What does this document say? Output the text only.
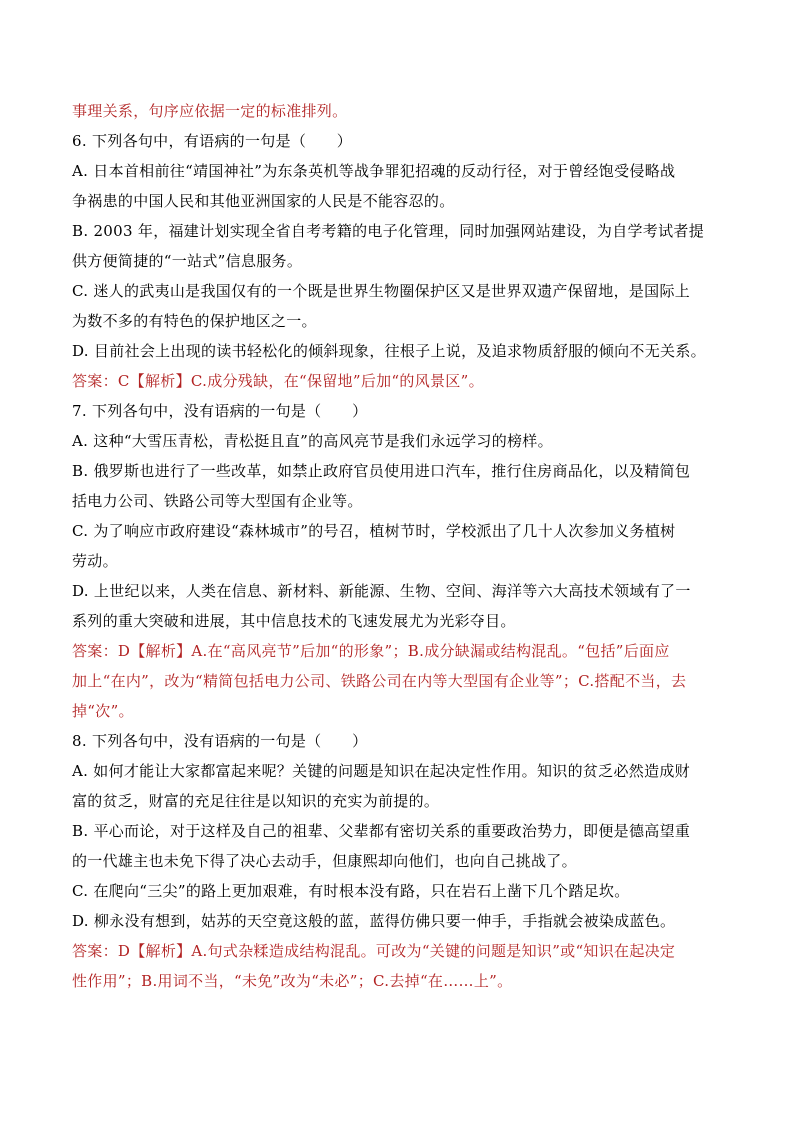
事理关系，句序应依据一定的标准排列。
6. 下列各句中，有语病的一句是（　　）
A. 日本首相前往“靖国神社”为东条英机等战争罪犯招魂的反动行径，对于曾经饱受侵略战
争祸患的中国人民和其他亚洲国家的人民是不能容忍的。
B. 2003 年，福建计划实现全省自考考籍的电子化管理，同时加强网站建设，为自学考试者提
供方便简捷的“一站式”信息服务。
C. 迷人的武夷山是我国仅有的一个既是世界生物圈保护区又是世界双遗产保留地，是国际上
为数不多的有特色的保护地区之一。
D. 目前社会上出现的读书轻松化的倾斜现象，往根子上说，及追求物质舒服的倾向不无关系。
答案：C【解析】C.成分残缺，在“保留地”后加“的风景区”。
7. 下列各句中，没有语病的一句是（　　）
A. 这种“大雪压青松，青松挺且直”的高风亮节是我们永远学习的榜样。
B. 俄罗斯也进行了一些改革，如禁止政府官员使用进口汽车，推行住房商品化，以及精简包
括电力公司、铁路公司等大型国有企业等。
C. 为了响应市政府建设“森林城市”的号召，植树节时，学校派出了几十人次参加义务植树
劳动。
D. 上世纪以来，人类在信息、新材料、新能源、生物、空间、海洋等六大高技术领域有了一
系列的重大突破和进展，其中信息技术的飞速发展尤为光彩夺目。
答案：D【解析】A.在“高风亮节”后加“的形象”；B.成分缺漏或结构混乱。“包括”后面应
加上“在内”，改为“精简包括电力公司、铁路公司在内等大型国有企业等”；C.搭配不当，去
掉“次”。
8. 下列各句中，没有语病的一句是（　　）
A. 如何才能让大家都富起来呢？关键的问题是知识在起决定性作用。知识的贫乏必然造成财
富的贫乏，财富的充足往往是以知识的充实为前提的。
B. 平心而论，对于这样及自己的祖辈、父辈都有密切关系的重要政治势力，即便是德高望重
的一代雄主也未免下得了决心去动手，但康熙却向他们，也向自己挑战了。
C. 在爬向“三尖”的路上更加艰难，有时根本没有路，只在岩石上凿下几个踏足坎。
D. 柳永没有想到，姑苏的天空竟这般的蓝，蓝得仿佛只要一伸手，手指就会被染成蓝色。
答案：D【解析】A.句式杂糅造成结构混乱。可改为“关键的问题是知识”或“知识在起决定
性作用”；B.用词不当，“未免”改为“未必”；C.去掉“在……上”。
